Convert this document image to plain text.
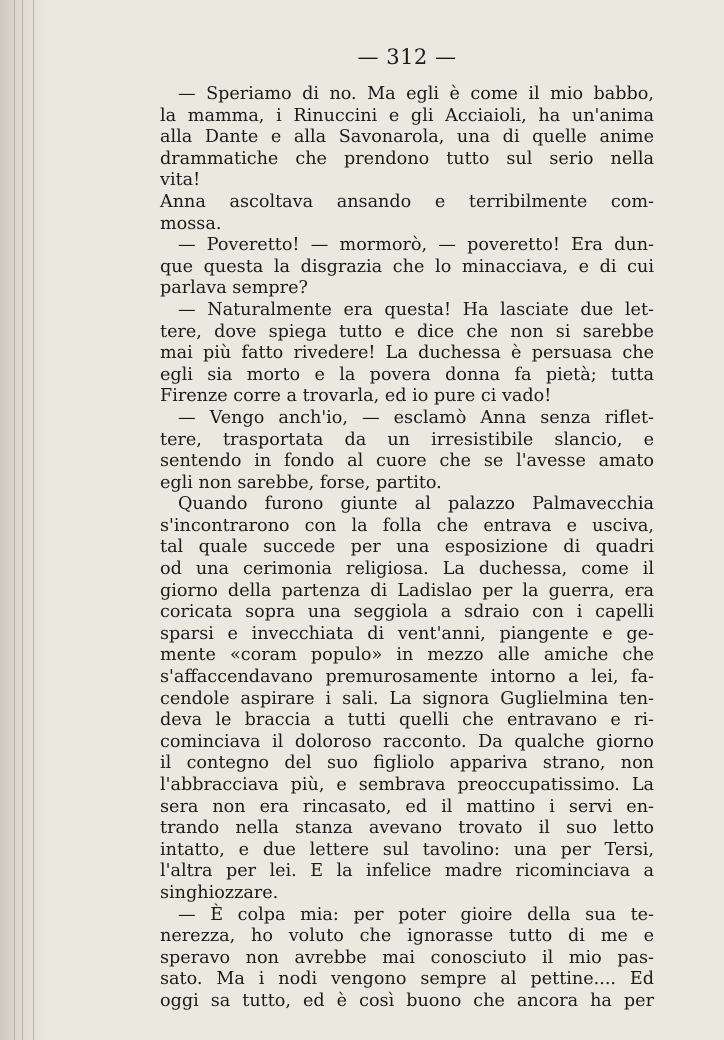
— 312 —
— Speriamo di no. Ma egli è come il mio babbo,
la mamma, i Rinuccini e gli Acciaioli, ha un'anima
alla Dante e alla Savonarola, una di quelle anime
drammatiche che prendono tutto sul serio nella
vita!
Anna ascoltava ansando e terribilmente com-
mossa.
— Poveretto! — mormorò, — poveretto! Era dun-
que questa la disgrazia che lo minacciava, e di cui
parlava sempre?
— Naturalmente era questa! Ha lasciate due let-
tere, dove spiega tutto e dice che non si sarebbe
mai più fatto rivedere! La duchessa è persuasa che
egli sia morto e la povera donna fa pietà; tutta
Firenze corre a trovarla, ed io pure ci vado!
— Vengo anch'io, — esclamò Anna senza riflet-
tere, trasportata da un irresistibile slancio, e
sentendo in fondo al cuore che se l'avesse amato
egli non sarebbe, forse, partito.
Quando furono giunte al palazzo Palmavecchia
s'incontrarono con la folla che entrava e usciva,
tal quale succede per una esposizione di quadri
od una cerimonia religiosa. La duchessa, come il
giorno della partenza di Ladislao per la guerra, era
coricata sopra una seggiola a sdraio con i capelli
sparsi e invecchiata di vent'anni, piangente e ge-
mente «coram populo» in mezzo alle amiche che
s'affaccendavano premurosamente intorno a lei, fa-
cendole aspirare i sali. La signora Guglielmina ten-
deva le braccia a tutti quelli che entravano e ri-
cominciava il doloroso racconto. Da qualche giorno
il contegno del suo figliolo appariva strano, non
l'abbracciava più, e sembrava preoccupatissimo. La
sera non era rincasato, ed il mattino i servi en-
trando nella stanza avevano trovato il suo letto
intatto, e due lettere sul tavolino: una per Tersi,
l'altra per lei. E la infelice madre ricominciava a
singhiozzare.
— È colpa mia: per poter gioire della sua te-
nerezza, ho voluto che ignorasse tutto di me e
speravo non avrebbe mai conosciuto il mio pas-
sato. Ma i nodi vengono sempre al pettine.... Ed
oggi sa tutto, ed è così buono che ancora ha per
